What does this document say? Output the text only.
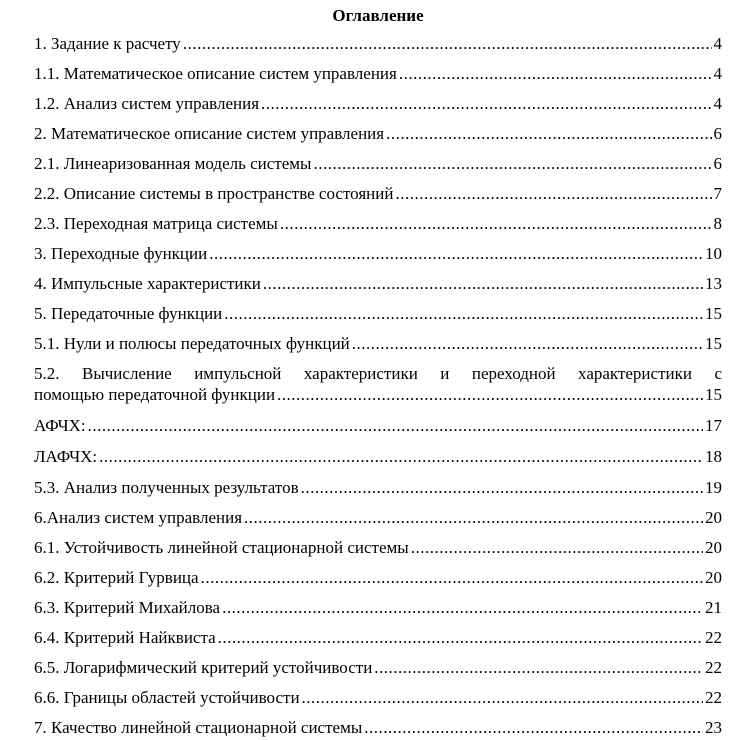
Оглавление
1. Задание к расчету .....	4
1.1. Математическое описание систем управления .....	4
1.2. Анализ систем управления .....	4
2. Математическое описание систем управления .....	6
2.1. Линеаризованная модель системы .....	6
2.2. Описание системы в пространстве состояний .....	7
2.3. Переходная матрица системы .....	8
3. Переходные функции .....	10
4. Импульсные характеристики .....	13
5. Передаточные функции .....	15
5.1. Нули и полюсы передаточных функций .....	15
5.2. Вычисление импульсной характеристики и переходной характеристики с
помощью передаточной функции .....	15
АФЧХ: .....	17
ЛАФЧХ: .....	18
5.3. Анализ полученных результатов .....	19
6.Анализ систем управления .....	20
6.1. Устойчивость линейной стационарной системы .....	20
6.2. Критерий Гурвица .....	20
6.3. Критерий Михайлова .....	21
6.4. Критерий Найквиста .....	22
6.5. Логарифмический критерий устойчивости .....	22
6.6. Границы областей устойчивости .....	22
7. Качество линейной стационарной системы .....	23
